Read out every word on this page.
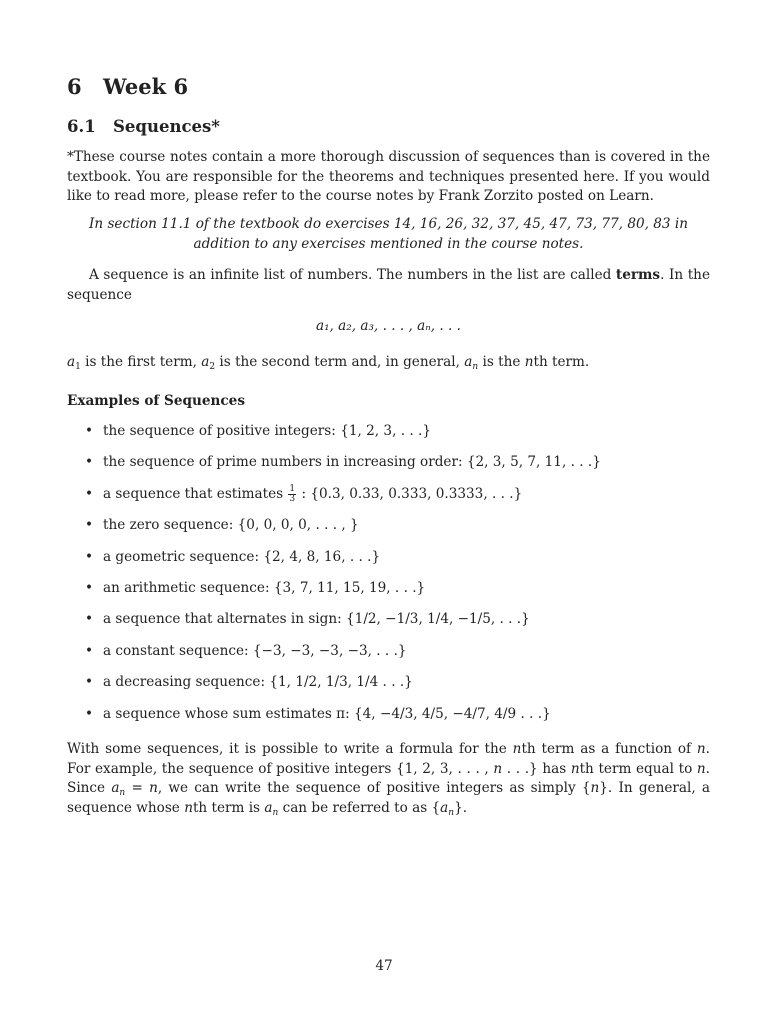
6 Week 6
6.1 Sequences*
*These course notes contain a more thorough discussion of sequences than is covered in the textbook. You are responsible for the theorems and techniques presented here. If you would like to read more, please refer to the course notes by Frank Zorzito posted on Learn.
In section 11.1 of the textbook do exercises 14, 16, 26, 32, 37, 45, 47, 73, 77, 80, 83 in addition to any exercises mentioned in the course notes.
A sequence is an infinite list of numbers. The numbers in the list are called terms. In the sequence
a₁, a₂, a₃, . . . , aₙ, . . .
$a_1$ is the first term, $a_2$ is the second term and, in general, $a_n$ is the nth term.
Examples of Sequences
• the sequence of positive integers: {1, 2, 3, . . .}
• the sequence of prime numbers in increasing order: {2, 3, 5, 7, 11, . . .}
• a sequence that estimates $\frac{1}{3}$ : {0.3, 0.33, 0.333, 0.3333, . . .}
• the zero sequence: {0, 0, 0, 0, . . . , }
• a geometric sequence: {2, 4, 8, 16, . . .}
• an arithmetic sequence: {3, 7, 11, 15, 19, . . .}
• a sequence that alternates in sign: {1/2, −1/3, 1/4, −1/5, . . .}
• a constant sequence: {−3, −3, −3, −3, . . .}
• a decreasing sequence: {1, 1/2, 1/3, 1/4 . . .}
• a sequence whose sum estimates π: {4, −4/3, 4/5, −4/7, 4/9 . . .}
With some sequences, it is possible to write a formula for the nth term as a function of n. For example, the sequence of positive integers {1, 2, 3, . . . , n . . .} has nth term equal to n. Since $a_n = n$, we can write the sequence of positive integers as simply {n}. In general, a sequence whose nth term is $a_n$ can be referred to as $\{a_n\}$.
47
